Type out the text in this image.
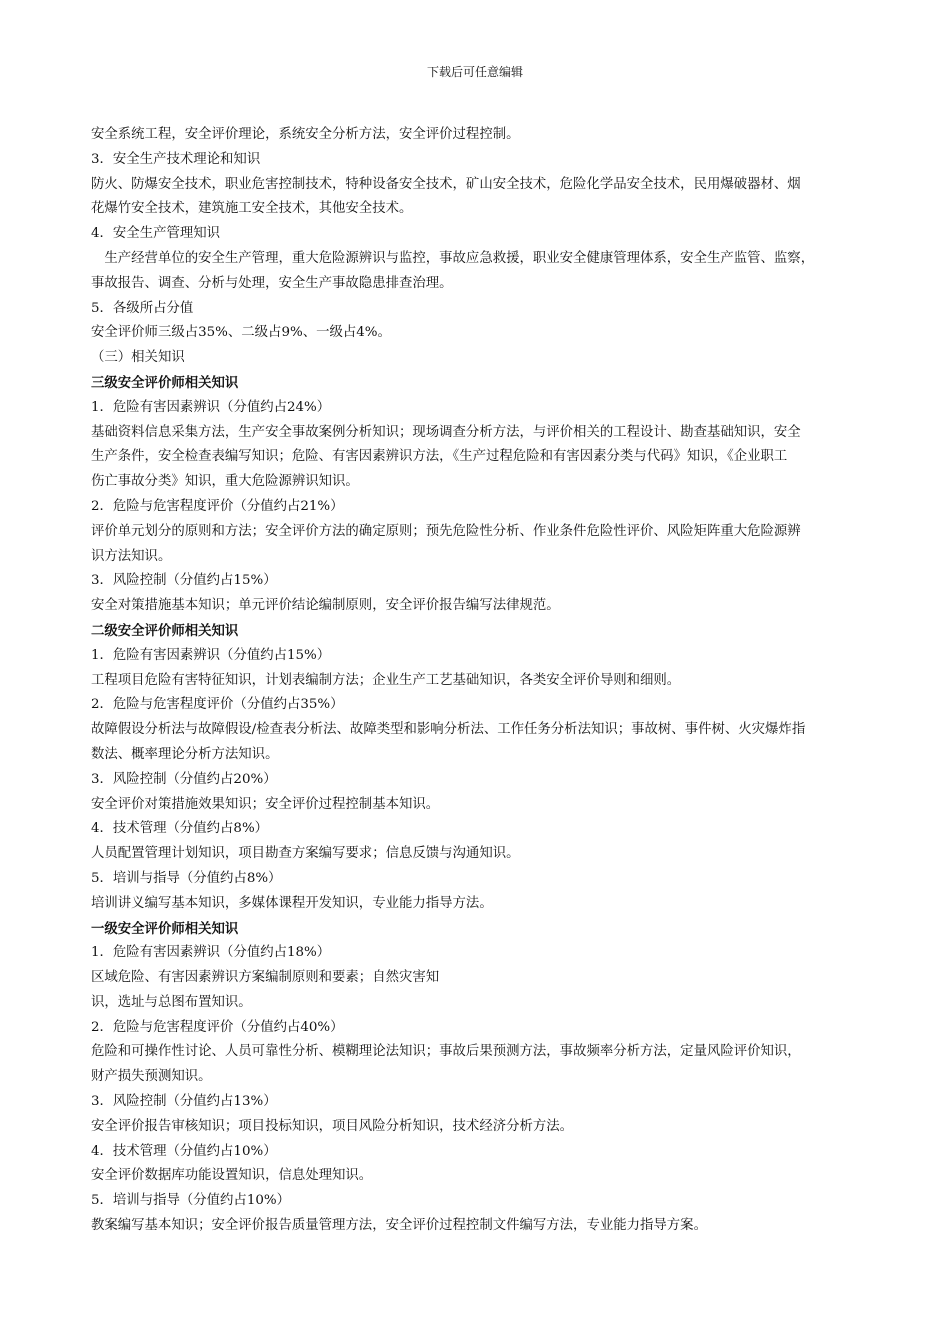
下载后可任意编辑
安全系统工程，安全评价理论，系统安全分析方法，安全评价过程控制。
3．安全生产技术理论和知识
防火、防爆安全技术，职业危害控制技术，特种设备安全技术，矿山安全技术，危险化学品安全技术，民用爆破器材、烟
花爆竹安全技术，建筑施工安全技术，其他安全技术。
4．安全生产管理知识
　生产经营单位的安全生产管理，重大危险源辨识与监控，事故应急救援，职业安全健康管理体系，安全生产监管、监察，
事故报告、调查、分析与处理，安全生产事故隐患排查治理。
5．各级所占分值
安全评价师三级占35%、二级占9%、一级占4%。
（三）相关知识
三级安全评价师相关知识
1．危险有害因素辨识（分值约占24%）
基础资料信息采集方法，生产安全事故案例分析知识；现场调查分析方法，与评价相关的工程设计、勘查基础知识，安全
生产条件，安全检查表编写知识；危险、有害因素辨识方法，《生产过程危险和有害因素分类与代码》知识，《企业职工
伤亡事故分类》知识，重大危险源辨识知识。
2．危险与危害程度评价（分值约占21%）
评价单元划分的原则和方法；安全评价方法的确定原则；预先危险性分析、作业条件危险性评价、风险矩阵重大危险源辨
识方法知识。
3．风险控制（分值约占15%）
安全对策措施基本知识；单元评价结论编制原则，安全评价报告编写法律规范。
二级安全评价师相关知识
1．危险有害因素辨识（分值约占15%）
工程项目危险有害特征知识，计划表编制方法；企业生产工艺基础知识，各类安全评价导则和细则。
2．危险与危害程度评价（分值约占35%）
故障假设分析法与故障假设/检查表分析法、故障类型和影响分析法、工作任务分析法知识；事故树、事件树、火灾爆炸指
数法、概率理论分析方法知识。
3．风险控制（分值约占20%）
安全评价对策措施效果知识；安全评价过程控制基本知识。
4．技术管理（分值约占8%）
人员配置管理计划知识，项目勘查方案编写要求；信息反馈与沟通知识。
5．培训与指导（分值约占8%）
培训讲义编写基本知识，多媒体课程开发知识，专业能力指导方法。
一级安全评价师相关知识
1．危险有害因素辨识（分值约占18%）
区域危险、有害因素辨识方案编制原则和要素；自然灾害知
识，选址与总图布置知识。
2．危险与危害程度评价（分值约占40%）
危险和可操作性讨论、人员可靠性分析、模糊理论法知识；事故后果预测方法，事故频率分析方法，定量风险评价知识，
财产损失预测知识。
3．风险控制（分值约占13%）
安全评价报告审核知识；项目投标知识，项目风险分析知识，技术经济分析方法。
4．技术管理（分值约占10%）
安全评价数据库功能设置知识，信息处理知识。
5．培训与指导（分值约占10%）
教案编写基本知识；安全评价报告质量管理方法，安全评价过程控制文件编写方法，专业能力指导方案。
